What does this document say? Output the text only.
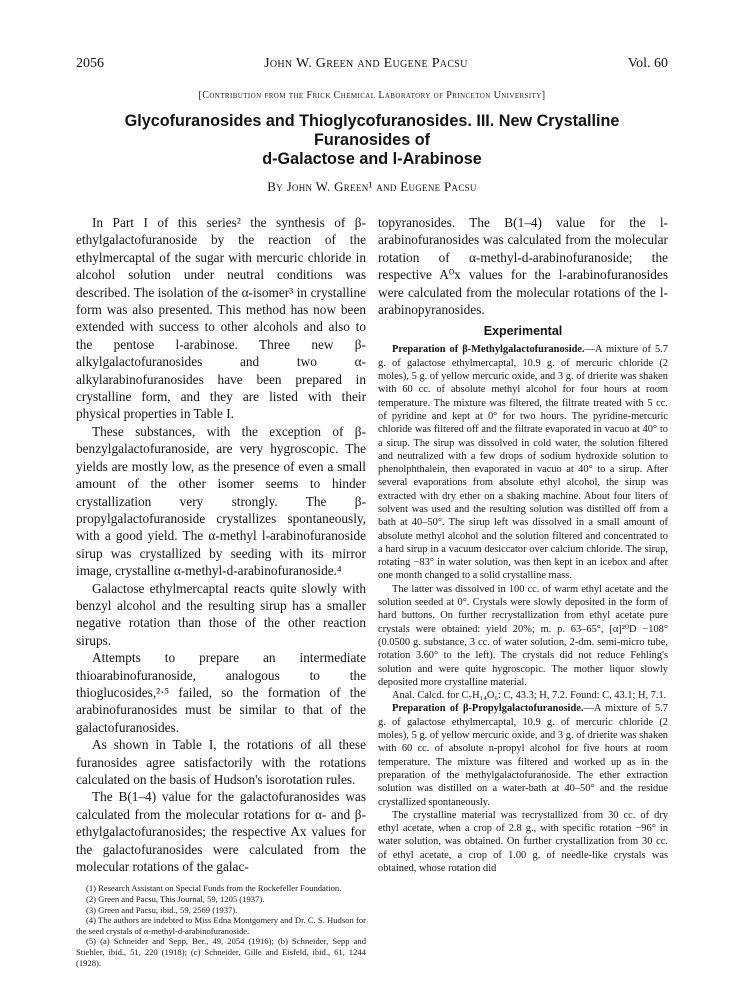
2056	John W. Green and Eugene Pacsu	Vol. 60
[Contribution from the Frick Chemical Laboratory of Princeton University]
Glycofuranosides and Thioglycofuranosides. III. New Crystalline Furanosides of
d-Galactose and l-Arabinose
By John W. Green¹ and Eugene Pacsu

In Part I of this series² the synthesis of β-ethylgalactofuranoside by the reaction of the ethylmercaptal of the sugar with mercuric chloride in alcohol solution under neutral conditions was described. The isolation of the α-isomer³ in crystalline form was also presented. This method has now been extended with success to other alcohols and also to the pentose l-arabinose. Three new β-alkylgalactofuranosides and two α-alkylarabinofuranosides have been prepared in crystalline form, and they are listed with their physical properties in Table I.

These substances, with the exception of β-benzylgalactofuranoside, are very hygroscopic. The yields are mostly low, as the presence of even a small amount of the other isomer seems to hinder crystallization very strongly. The β-propylgalactofuranoside crystallizes spontaneously, with a good yield. The α-methyl l-arabinofuranoside sirup was crystallized by seeding with its mirror image, crystalline α-methyl-d-arabinofuranoside.⁴

Galactose ethylmercaptal reacts quite slowly with benzyl alcohol and the resulting sirup has a smaller negative rotation than those of the other reaction sirups.

Attempts to prepare an intermediate thioarabinofuranoside, analogous to the thioglucosides,²·⁵ failed, so the formation of the arabinofuranosides must be similar to that of the galactofuranosides.

As shown in Table I, the rotations of all these furanosides agree satisfactorily with the rotations calculated on the basis of Hudson's isorotation rules.

The B(1–4) value for the galactofuranosides was calculated from the molecular rotations for α- and β-ethylgalactofuranosides; the respective Ax values for the galactofuranosides were calculated from the molecular rotations of the galac-

(1) Research Assistant on Special Funds from the Rockefeller Foundation.

(2) Green and Pacsu, This Journal, 59, 1205 (1937).

(3) Green and Pacsu, ibid., 59, 2569 (1937).

(4) The authors are indebted to Miss Edna Montgomery and Dr. C. S. Hudson for the seed crystals of α-methyl-d-arabinofuranoside.

(5) (a) Schneider and Sepp, Ber., 49, 2054 (1916); (b) Schneider, Sepp and Stiehler, ibid., 51, 220 (1918); (c) Schneider, Gille and Eisfeld, ibid., 61, 1244 (1928).

topyranosides. The B(1–4) value for the l-arabinofuranosides was calculated from the molecular rotation of α-methyl-d-arabinofuranoside; the respective A⁰x values for the l-arabinofuranosides were calculated from the molecular rotations of the l-arabinopyranosides.

Experimental

Preparation of β-Methylgalactofuranoside.—A mixture of 5.7 g. of galactose ethylmercaptal, 10.9 g. of mercuric chloride (2 moles), 5 g. of yellow mercuric oxide, and 3 g. of drierite was shaken with 60 cc. of absolute methyl alcohol for four hours at room temperature. The mixture was filtered, the filtrate treated with 5 cc. of pyridine and kept at 0° for two hours. The pyridine-mercuric chloride was filtered off and the filtrate evaporated in vacuo at 40° to a sirup. The sirup was dissolved in cold water, the solution filtered and neutralized with a few drops of sodium hydroxide solution to phenolphthalein, then evaporated in vacuo at 40° to a sirup. After several evaporations from absolute ethyl alcohol, the sirup was extracted with dry ether on a shaking machine. About four liters of solvent was used and the resulting solution was distilled off from a bath at 40–50°. The sirup left was dissolved in a small amount of absolute methyl alcohol and the solution filtered and concentrated to a hard sirup in a vacuum desiccator over calcium chloride. The sirup, rotating −83° in water solution, was then kept in an icebox and after one month changed to a solid crystalline mass.

The latter was dissolved in 100 cc. of warm ethyl acetate and the solution seeded at 0°. Crystals were slowly deposited in the form of hard buttons. On further recrystallization from ethyl acetate pure crystals were obtained: yield 20%; m. p. 63–65°, [α]²⁰D −108° (0.0500 g. substance, 3 cc. of water solution, 2-dm. semi-micro tube, rotation 3.60° to the left). The crystals did not reduce Fehling's solution and were quite hygroscopic. The mother liquor slowly deposited more crystalline material.

Anal. Calcd. for C₇H₁₄O₆: C, 43.3; H, 7.2. Found: C, 43.1; H, 7.1.

Preparation of β-Propylgalactofuranoside.—A mixture of 5.7 g. of galactose ethylmercaptal, 10.9 g. of mercuric chloride (2 moles), 5 g. of yellow mercuric oxide, and 3 g. of drierite was shaken with 60 cc. of absolute n-propyl alcohol for five hours at room temperature. The mixture was filtered and worked up as in the preparation of the methylgalactofuranoside. The ether extraction solution was distilled on a water-bath at 40–50° and the residue crystallized spontaneously.

The crystalline material was recrystallized from 30 cc. of dry ethyl acetate, when a crop of 2.8 g., with specific rotation −96° in water solution, was obtained. On further crystallization from 30 cc. of ethyl acetate, a crop of 1.00 g. of needle-like crystals was obtained, whose rotation did
